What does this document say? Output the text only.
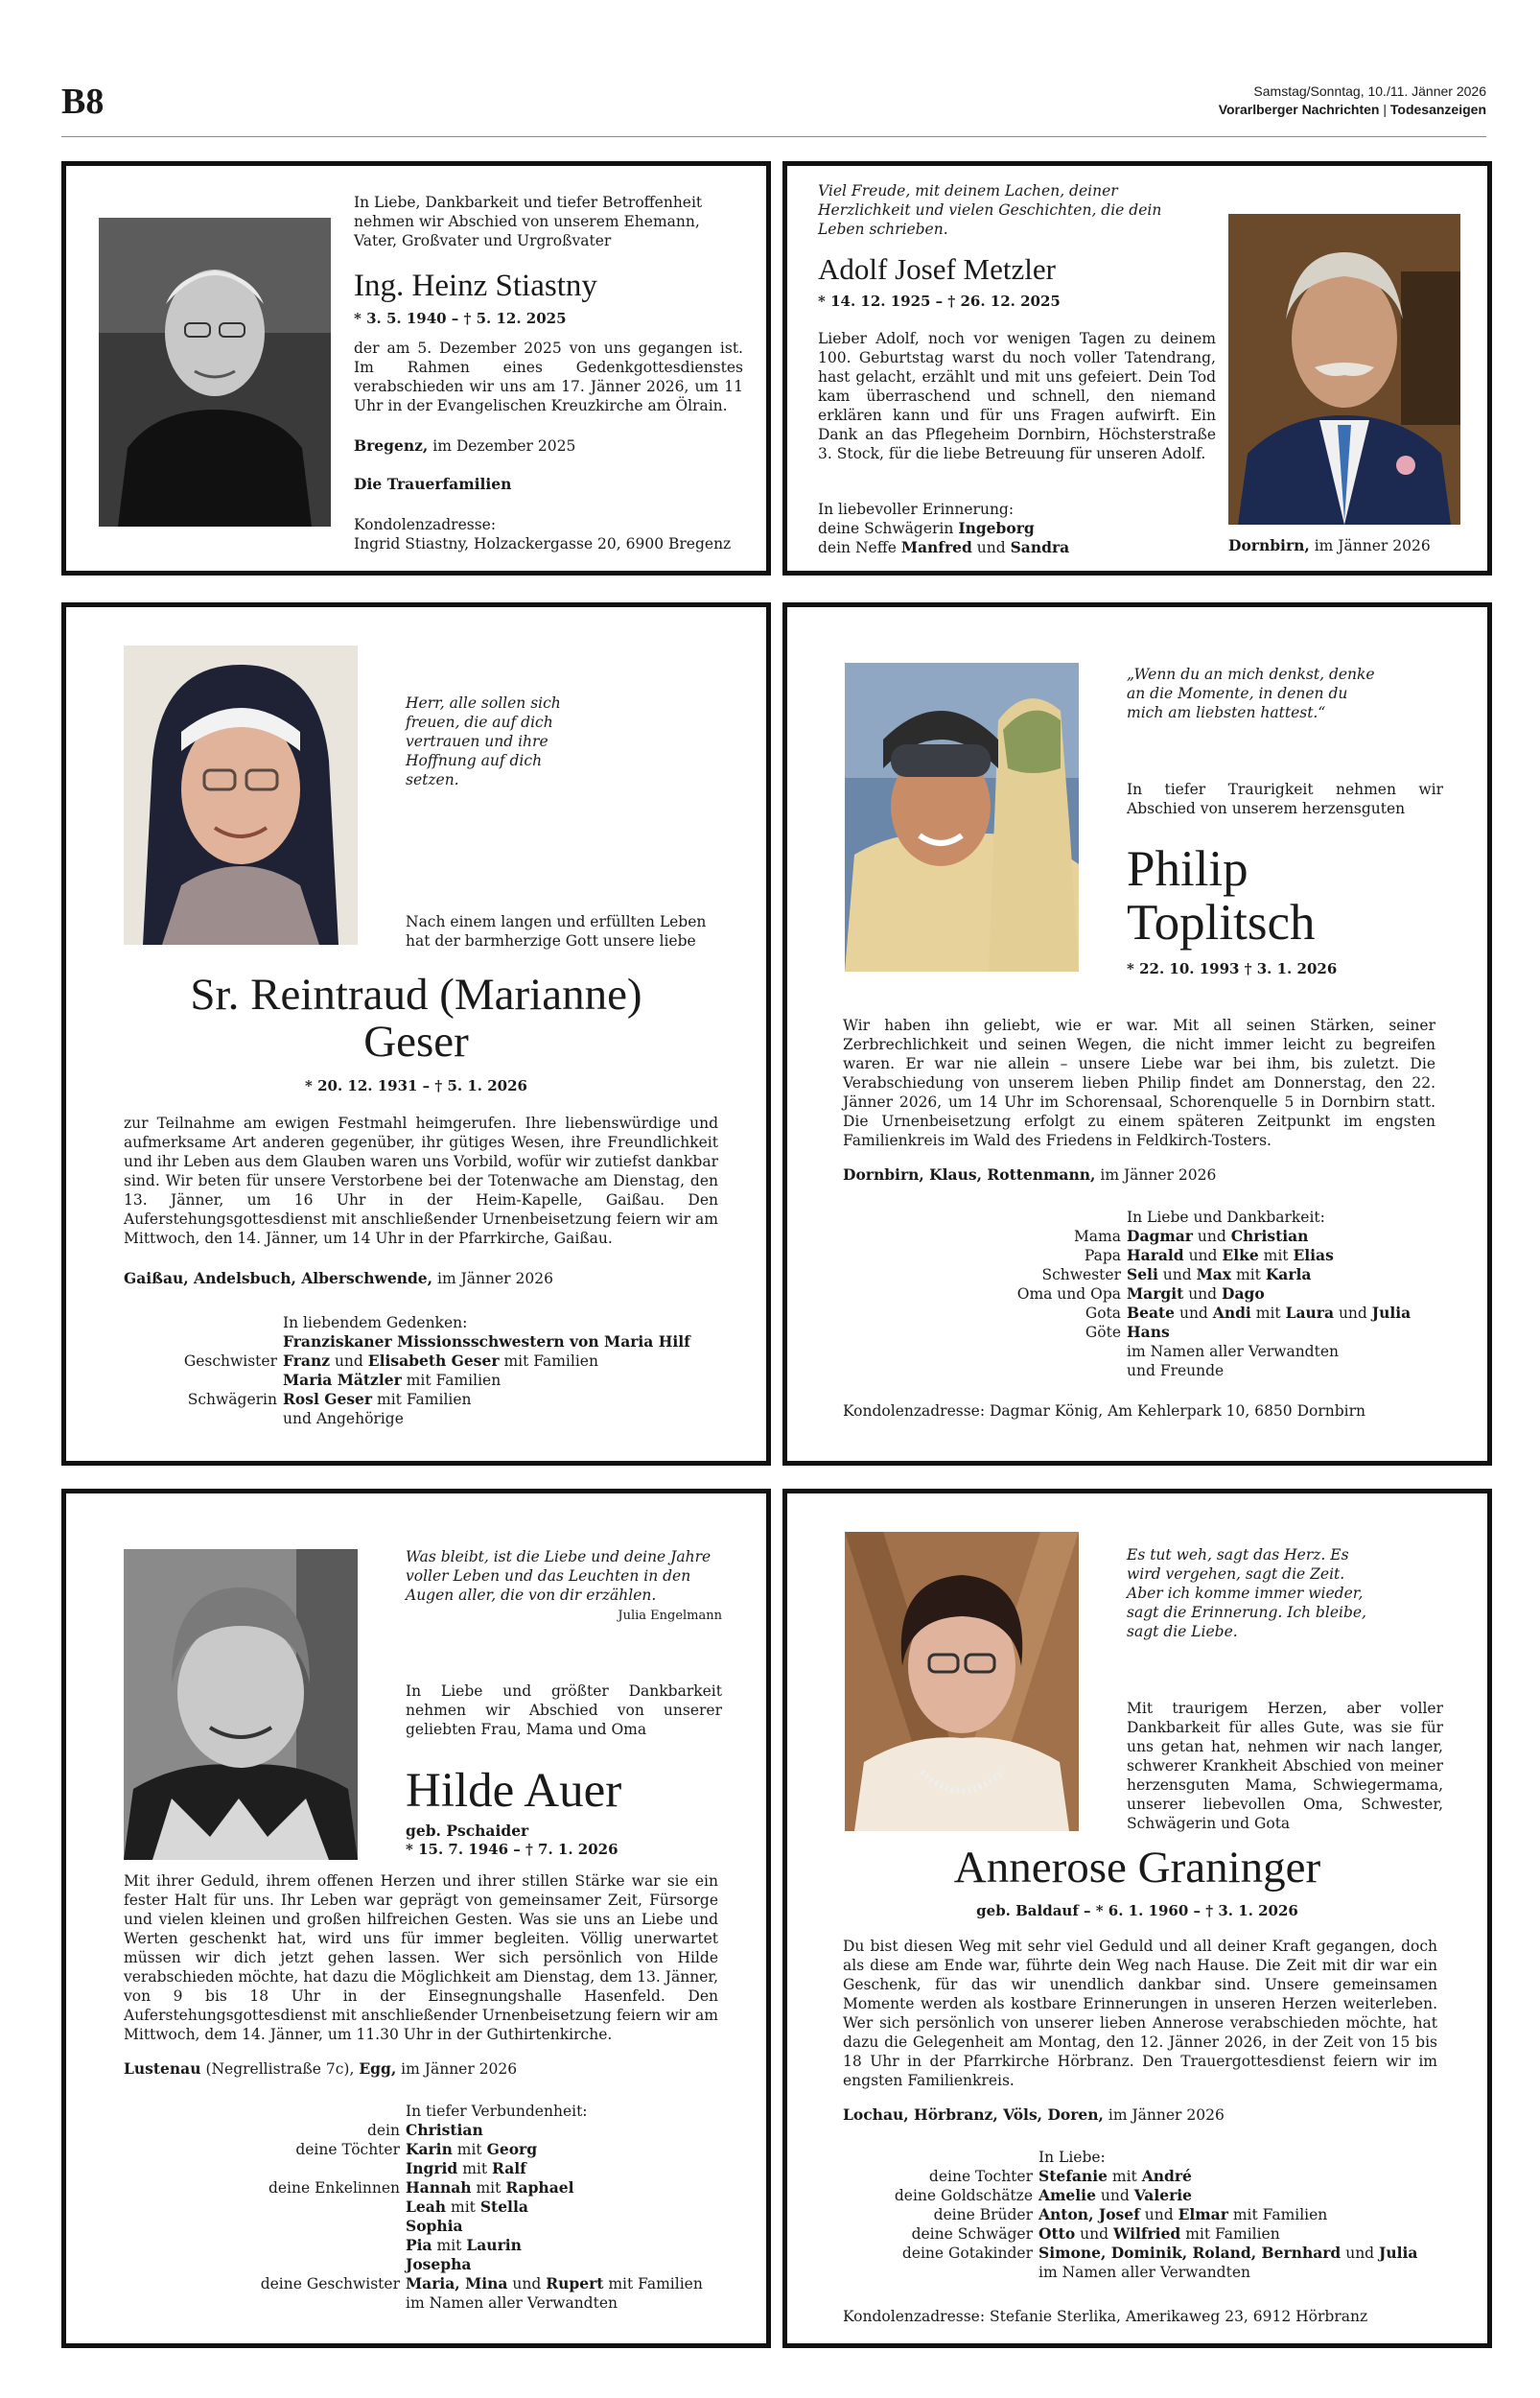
B8	Samstag/Sonntag, 10./11. Jänner 2026
Vorarlberger Nachrichten | Todesanzeigen
In Liebe, Dankbarkeit und tiefer Betroffenheit nehmen wir Abschied von unserem Ehemann, Vater, Großvater und Urgroßvater
Ing. Heinz Stiastny
* 3. 5. 1940 – † 5. 12. 2025
der am 5. Dezember 2025 von uns gegangen ist. Im Rahmen eines Gedenkgottesdienstes verabschieden wir uns am 17. Jänner 2026, um 11 Uhr in der Evangelischen Kreuzkirche am Ölrain.
Bregenz, im Dezember 2025
Die Trauerfamilien
Kondolenzadresse:
Ingrid Stiastny, Holzackergasse 20, 6900 Bregenz
Viel Freude, mit deinem Lachen, deiner Herzlichkeit und vielen Geschichten, die dein Leben schrieben.
Adolf Josef Metzler
* 14. 12. 1925 – † 26. 12. 2025
Lieber Adolf, noch vor wenigen Tagen zu deinem 100. Geburtstag warst du noch voller Tatendrang, hast gelacht, erzählt und mit uns gefeiert. Dein Tod kam überraschend und schnell, den niemand erklären kann und für uns Fragen aufwirft. Ein Dank an das Pflegeheim Dornbirn, Höchsterstraße 3. Stock, für die liebe Betreuung für unseren Adolf.
In liebevoller Erinnerung:
deine Schwägerin Ingeborg
dein Neffe Manfred und Sandra	Dornbirn, im Jänner 2026
Herr, alle sollen sich freuen, die auf dich vertrauen und ihre Hoffnung auf dich setzen.
Nach einem langen und erfüllten Leben hat der barmherzige Gott unsere liebe
Sr. Reintraud (Marianne)
Geser
* 20. 12. 1931 – † 5. 1. 2026
zur Teilnahme am ewigen Festmahl heimgerufen. Ihre liebenswürdige und aufmerksame Art anderen gegenüber, ihr gütiges Wesen, ihre Freundlichkeit und ihr Leben aus dem Glauben waren uns Vorbild, wofür wir zutiefst dankbar sind. Wir beten für unsere Verstorbene bei der Totenwache am Dienstag, den 13. Jänner, um 16 Uhr in der Heim-Kapelle, Gaißau. Den Auferstehungsgottesdienst mit anschließender Urnenbeisetzung feiern wir am Mittwoch, den 14. Jänner, um 14 Uhr in der Pfarrkirche, Gaißau.
Gaißau, Andelsbuch, Alberschwende, im Jänner 2026
In liebendem Gedenken:
Franziskaner Missionsschwestern von Maria Hilf
Geschwister Franz und Elisabeth Geser mit Familien
Maria Mätzler mit Familien
Schwägerin Rosl Geser mit Familien
und Angehörige
„Wenn du an mich denkst, denke an die Momente, in denen du mich am liebsten hattest.“
In tiefer Traurigkeit nehmen wir Abschied von unserem herzensguten
Philip
Toplitsch
* 22. 10. 1993 † 3. 1. 2026
Wir haben ihn geliebt, wie er war. Mit all seinen Stärken, seiner Zerbrechlichkeit und seinen Wegen, die nicht immer leicht zu begreifen waren. Er war nie allein – unsere Liebe war bei ihm, bis zuletzt. Die Verabschiedung von unserem lieben Philip findet am Donnerstag, den 22. Jänner 2026, um 14 Uhr im Schorensaal, Schorenquelle 5 in Dornbirn statt. Die Urnenbeisetzung erfolgt zu einem späteren Zeitpunkt im engsten Familienkreis im Wald des Friedens in Feldkirch-Tosters.
Dornbirn, Klaus, Rottenmann, im Jänner 2026
In Liebe und Dankbarkeit:
Mama Dagmar und Christian
Papa Harald und Elke mit Elias
Schwester Seli und Max mit Karla
Oma und Opa Margit und Dago
Gota Beate und Andi mit Laura und Julia
Göte Hans
im Namen aller Verwandten
und Freunde
Kondolenzadresse: Dagmar König, Am Kehlerpark 10, 6850 Dornbirn
Was bleibt, ist die Liebe und deine Jahre voller Leben und das Leuchten in den Augen aller, die von dir erzählen.
Julia Engelmann
In Liebe und größter Dankbarkeit nehmen wir Abschied von unserer geliebten Frau, Mama und Oma
Hilde Auer
geb. Pschaider
* 15. 7. 1946 – † 7. 1. 2026
Mit ihrer Geduld, ihrem offenen Herzen und ihrer stillen Stärke war sie ein fester Halt für uns. Ihr Leben war geprägt von gemeinsamer Zeit, Fürsorge und vielen kleinen und großen hilfreichen Gesten. Was sie uns an Liebe und Werten geschenkt hat, wird uns für immer begleiten. Völlig unerwartet müssen wir dich jetzt gehen lassen. Wer sich persönlich von Hilde verabschieden möchte, hat dazu die Möglichkeit am Dienstag, dem 13. Jänner, von 9 bis 18 Uhr in der Einsegnungshalle Hasenfeld. Den Auferstehungsgottesdienst mit anschließender Urnenbeisetzung feiern wir am Mittwoch, dem 14. Jänner, um 11.30 Uhr in der Guthirtenkirche.
Lustenau (Negrellistraße 7c), Egg, im Jänner 2026
In tiefer Verbundenheit:
dein Christian
deine Töchter Karin mit Georg
Ingrid mit Ralf
deine Enkelinnen Hannah mit Raphael
Leah mit Stella
Sophia
Pia mit Laurin
Josepha
deine Geschwister Maria, Mina und Rupert mit Familien
im Namen aller Verwandten
Es tut weh, sagt das Herz. Es wird vergehen, sagt die Zeit. Aber ich komme immer wieder, sagt die Erinnerung. Ich bleibe, sagt die Liebe.
Mit traurigem Herzen, aber voller Dankbarkeit für alles Gute, was sie für uns getan hat, nehmen wir nach langer, schwerer Krankheit Abschied von meiner herzensguten Mama, Schwiegermama, unserer liebevollen Oma, Schwester, Schwägerin und Gota
Annerose Graninger
geb. Baldauf – * 6. 1. 1960 – † 3. 1. 2026
Du bist diesen Weg mit sehr viel Geduld und all deiner Kraft gegangen, doch als diese am Ende war, führte dein Weg nach Hause. Die Zeit mit dir war ein Geschenk, für das wir unendlich dankbar sind. Unsere gemeinsamen Momente werden als kostbare Erinnerungen in unseren Herzen weiterleben. Wer sich persönlich von unserer lieben Annerose verabschieden möchte, hat dazu die Gelegenheit am Montag, den 12. Jänner 2026, in der Zeit von 15 bis 18 Uhr in der Pfarrkirche Hörbranz. Den Trauergottesdienst feiern wir im engsten Familienkreis.
Lochau, Hörbranz, Völs, Doren, im Jänner 2026
In Liebe:
deine Tochter Stefanie mit André
deine Goldschätze Amelie und Valerie
deine Brüder Anton, Josef und Elmar mit Familien
deine Schwäger Otto und Wilfried mit Familien
deine Gotakinder Simone, Dominik, Roland, Bernhard und Julia
im Namen aller Verwandten
Kondolenzadresse: Stefanie Sterlika, Amerikaweg 23, 6912 Hörbranz
